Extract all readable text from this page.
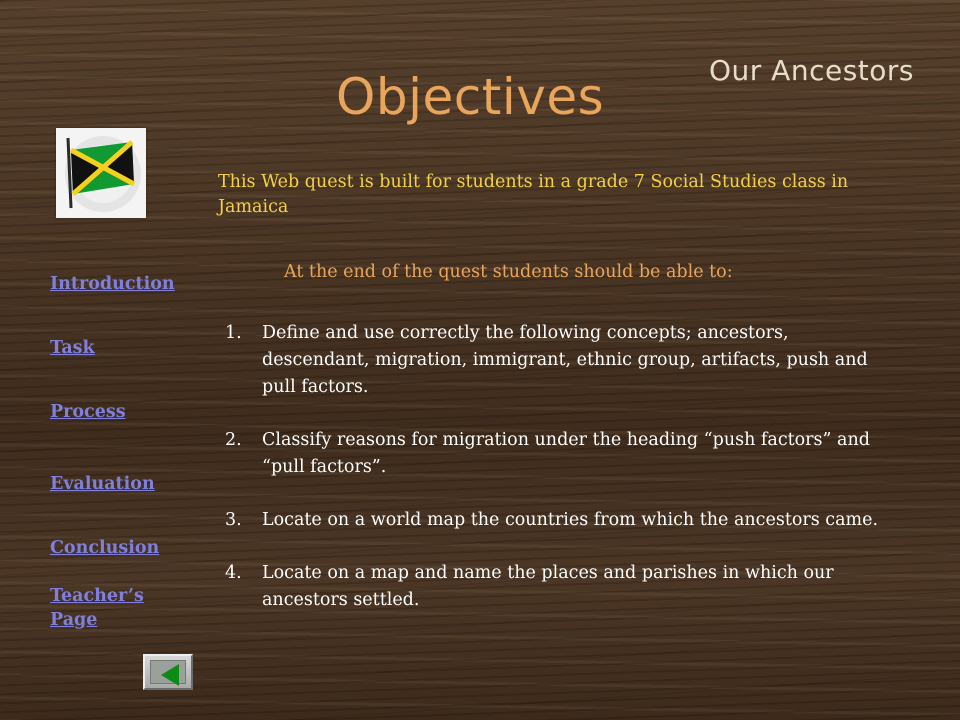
Our Ancestors
Objectives
This Web quest is built for students in a grade 7 Social Studies class in Jamaica
At the end of the quest students should be able to:
1. Define and use correctly the following concepts; ancestors, descendant, migration, immigrant, ethnic group, artifacts, push and pull factors.
2. Classify reasons for migration under the heading “push factors” and “pull factors”.
3. Locate on a world map the countries from which the ancestors came.
4. Locate on a map and name the places and parishes in which our ancestors settled.
Introduction
Task
Process
Evaluation
Conclusion
Teacher’s
Page
